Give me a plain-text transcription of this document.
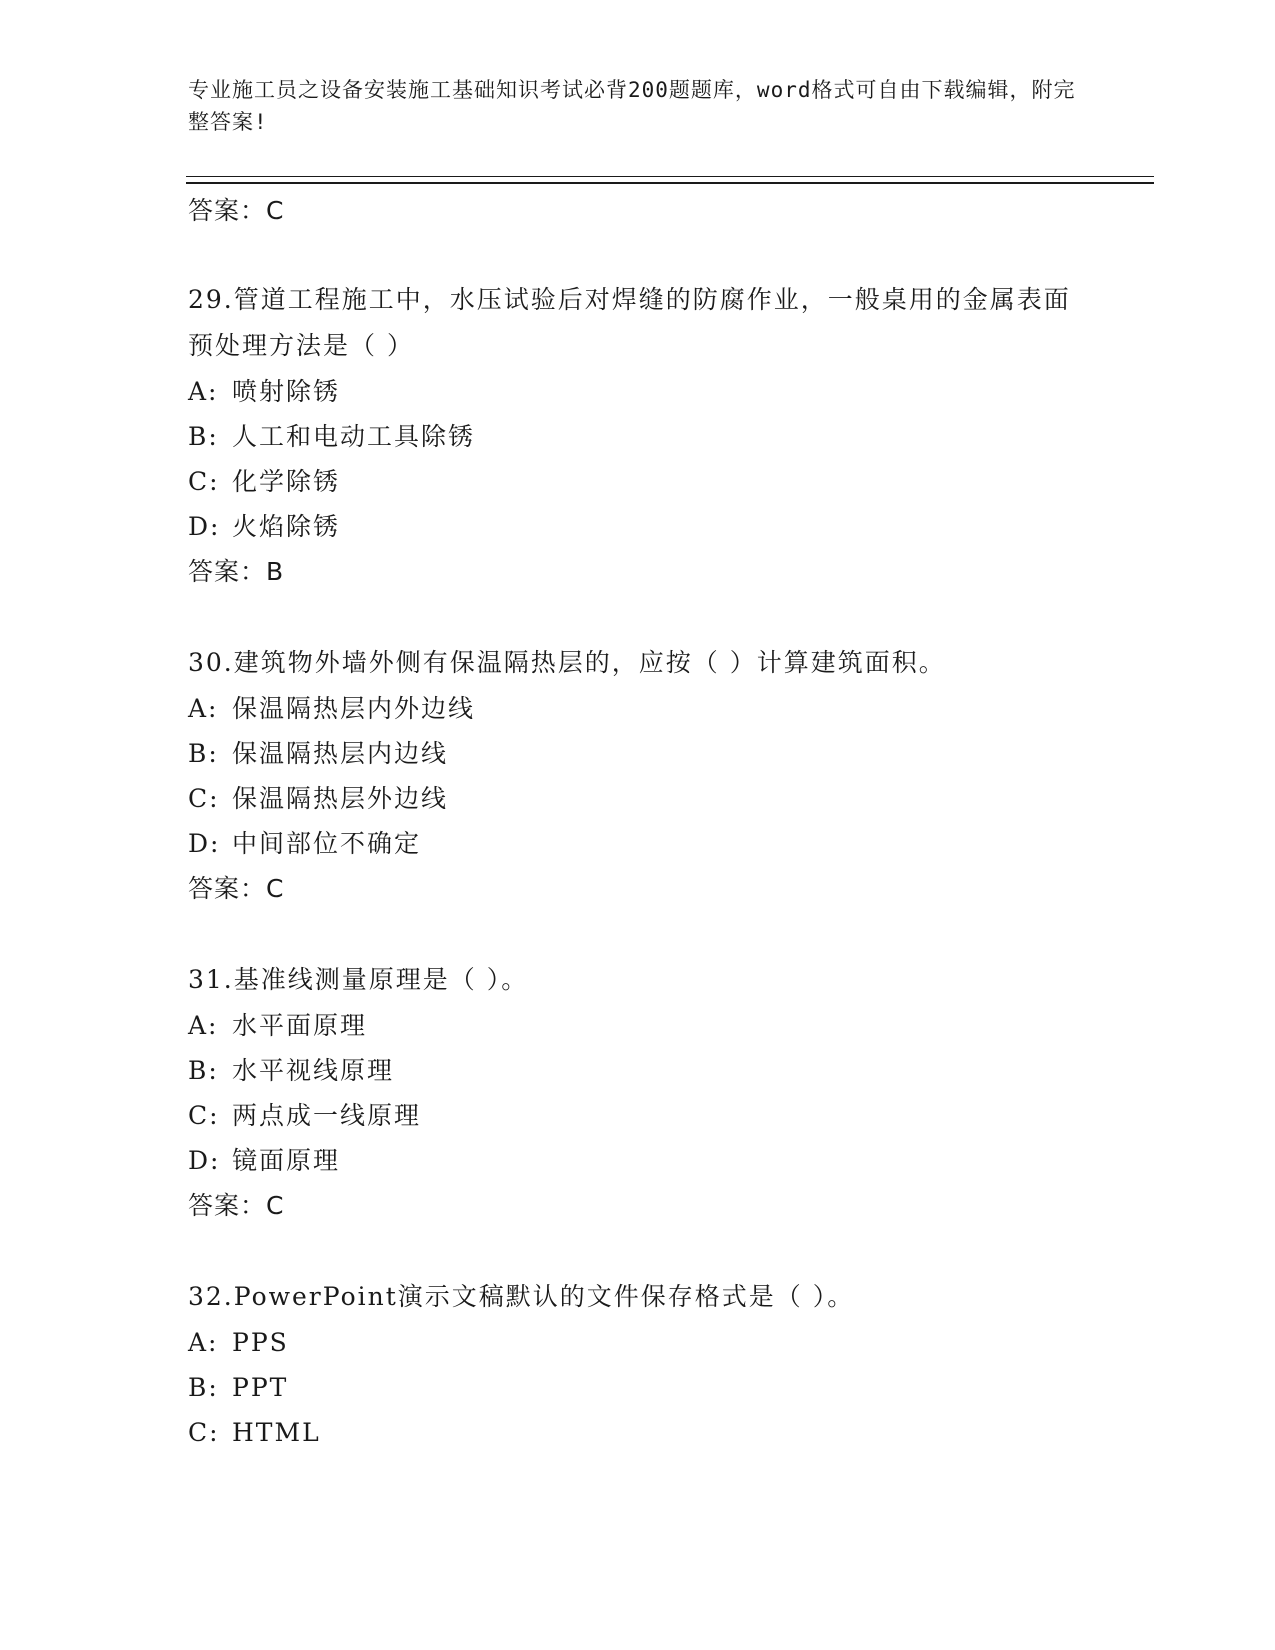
专业施工员之设备安装施工基础知识考试必背200题题库，word格式可自由下载编辑，附完整答案!
答案：C
29.管道工程施工中，水压试验后对焊缝的防腐作业，一般桌用的金属表面预处理方法是（ ）
A: 喷射除锈
B: 人工和电动工具除锈
C: 化学除锈
D: 火焰除锈
答案：B
30.建筑物外墙外侧有保温隔热层的，应按（ ）计算建筑面积。
A: 保温隔热层内外边线
B: 保温隔热层内边线
C: 保温隔热层外边线
D: 中间部位不确定
答案：C
31.基准线测量原理是（ ）。
A: 水平面原理
B: 水平视线原理
C: 两点成一线原理
D: 镜面原理
答案：C
32.PowerPoint演示文稿默认的文件保存格式是（ ）。
A: PPS
B: PPT
C: HTML
